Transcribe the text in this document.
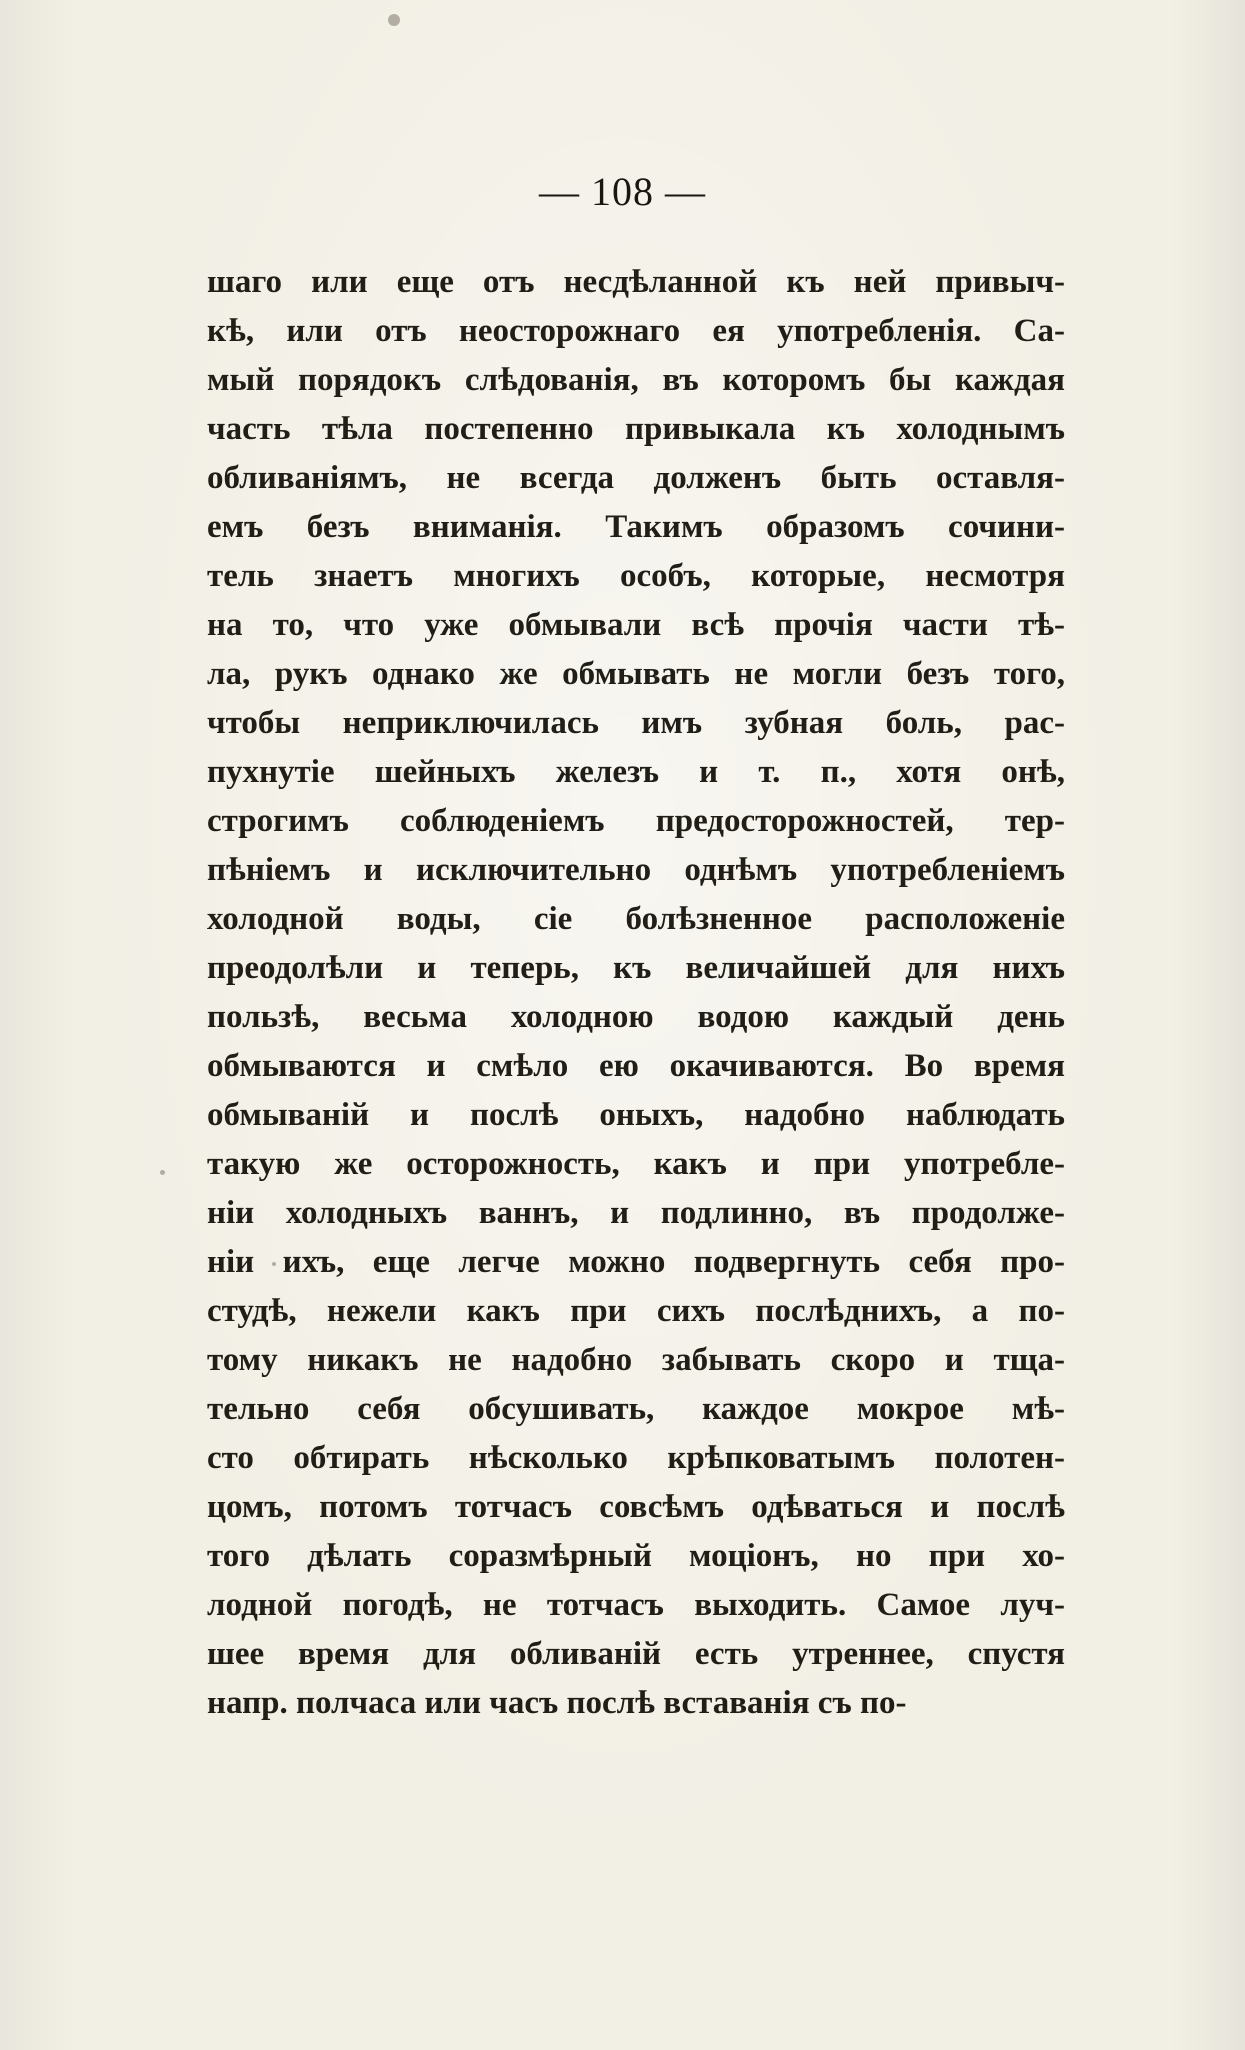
— 108 —
шаго или еще отъ несдѣланной къ ней привыч-
кѣ, или отъ неосторожнаго ея употребленія. Са-
мый порядокъ слѣдованія, въ которомъ бы каждая
часть тѣла постепенно привыкала къ холоднымъ
обливаніямъ, не всегда долженъ быть оставля-
емъ безъ вниманія. Такимъ образомъ сочини-
тель знаетъ многихъ особъ, которые, несмотря
на то, что уже обмывали всѣ прочія части тѣ-
ла, рукъ однако же обмывать не могли безъ того,
чтобы неприключилась имъ зубная боль, рас-
пухнутіе шейныхъ железъ и т. п., хотя онѣ,
строгимъ соблюденіемъ предосторожностей, тер-
пѣніемъ и исключительно однѣмъ употребленіемъ
холодной воды, сіе болѣзненное расположеніе
преодолѣли и теперь, къ величайшей для нихъ
пользѣ, весьма холодною водою каждый день
обмываются и смѣло ею окачиваются. Во время
обмываній и послѣ оныхъ, надобно наблюдать
такую же осторожность, какъ и при употребле-
ніи холодныхъ ваннъ, и подлинно, въ продолже-
ніи ихъ, еще легче можно подвергнуть себя про-
студѣ, нежели какъ при сихъ послѣднихъ, а по-
тому никакъ не надобно забывать скоро и тща-
тельно себя обсушивать, каждое мокрое мѣ-
сто обтирать нѣсколько крѣпковатымъ полотен-
цомъ, потомъ тотчасъ совсѣмъ одѣваться и послѣ
того дѣлать соразмѣрный моціонъ, но при хо-
лодной погодѣ, не тотчасъ выходить. Самое луч-
шее время для обливаній есть утреннее, спустя
напр. полчаса или часъ послѣ вставанія съ по-
